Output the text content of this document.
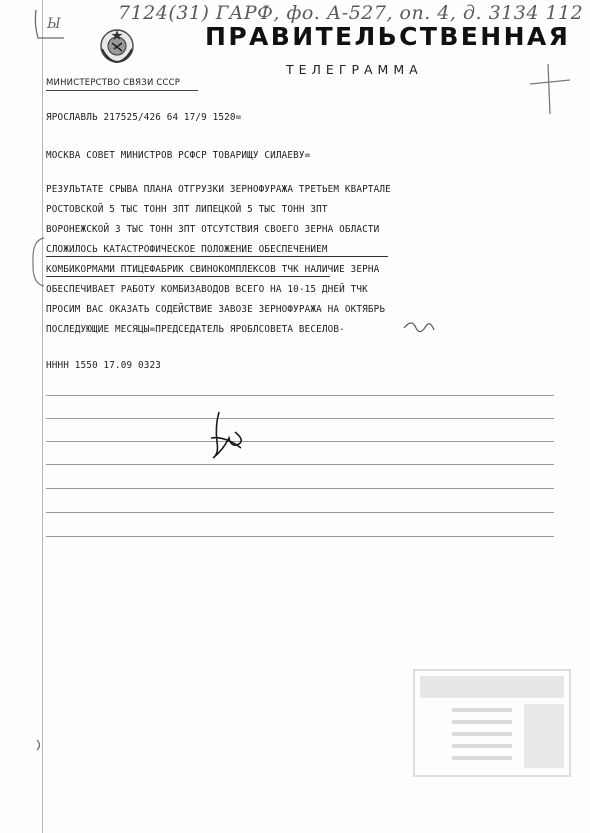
7124(31) ГАРФ, фо. А-527, оп. 4, д. 3134 112
Ы	ПРАВИТЕЛЬСТВЕННАЯ
ТЕЛЕГРАММА
МИНИСТЕРСТВО СВЯЗИ СССР
ЯРОСЛАВЛЬ 217525/426 64 17/9 1520=
МОСКВА СОВЕТ МИНИСТРОВ РСФСР ТОВАРИЩУ СИЛАЕВУ=
РЕЗУЛЬТАТЕ СРЫВА ПЛАНА ОТГРУЗКИ ЗЕРНОФУРАЖА ТРЕТЬЕМ КВАРТАЛЕ
РОСТОВСКОЙ 5 ТЫС ТОНН ЗПТ ЛИПЕЦКОЙ 5 ТЫС ТОНН ЗПТ
ВОРОНЕЖСКОЙ 3 ТЫС ТОНН ЗПТ ОТСУТСТВИЯ СВОЕГО ЗЕРНА ОБЛАСТИ
СЛОЖИЛОСЬ КАТАСТРОФИЧЕСКОЕ ПОЛОЖЕНИЕ ОБЕСПЕЧЕНИЕМ
КОМБИКОРМАМИ ПТИЦЕФАБРИК СВИНОКОМПЛЕКСОВ ТЧК НАЛИЧИЕ ЗЕРНА
ОБЕСПЕЧИВАЕТ РАБОТУ КОМБИЗАВОДОВ ВСЕГО НА 10-15 ДНЕЙ ТЧК
ПРОСИМ ВАС ОКАЗАТЬ СОДЕЙСТВИЕ ЗАВОЗЕ ЗЕРНОФУРАЖА НА ОКТЯБРЬ
ПОСЛЕДУЮЩИЕ МЕСЯЦЫ=ПРЕДСЕДАТЕЛЬ ЯРОБЛСОВЕТА ВЕСЕЛОВ-
НННН 1550 17.09 0323
